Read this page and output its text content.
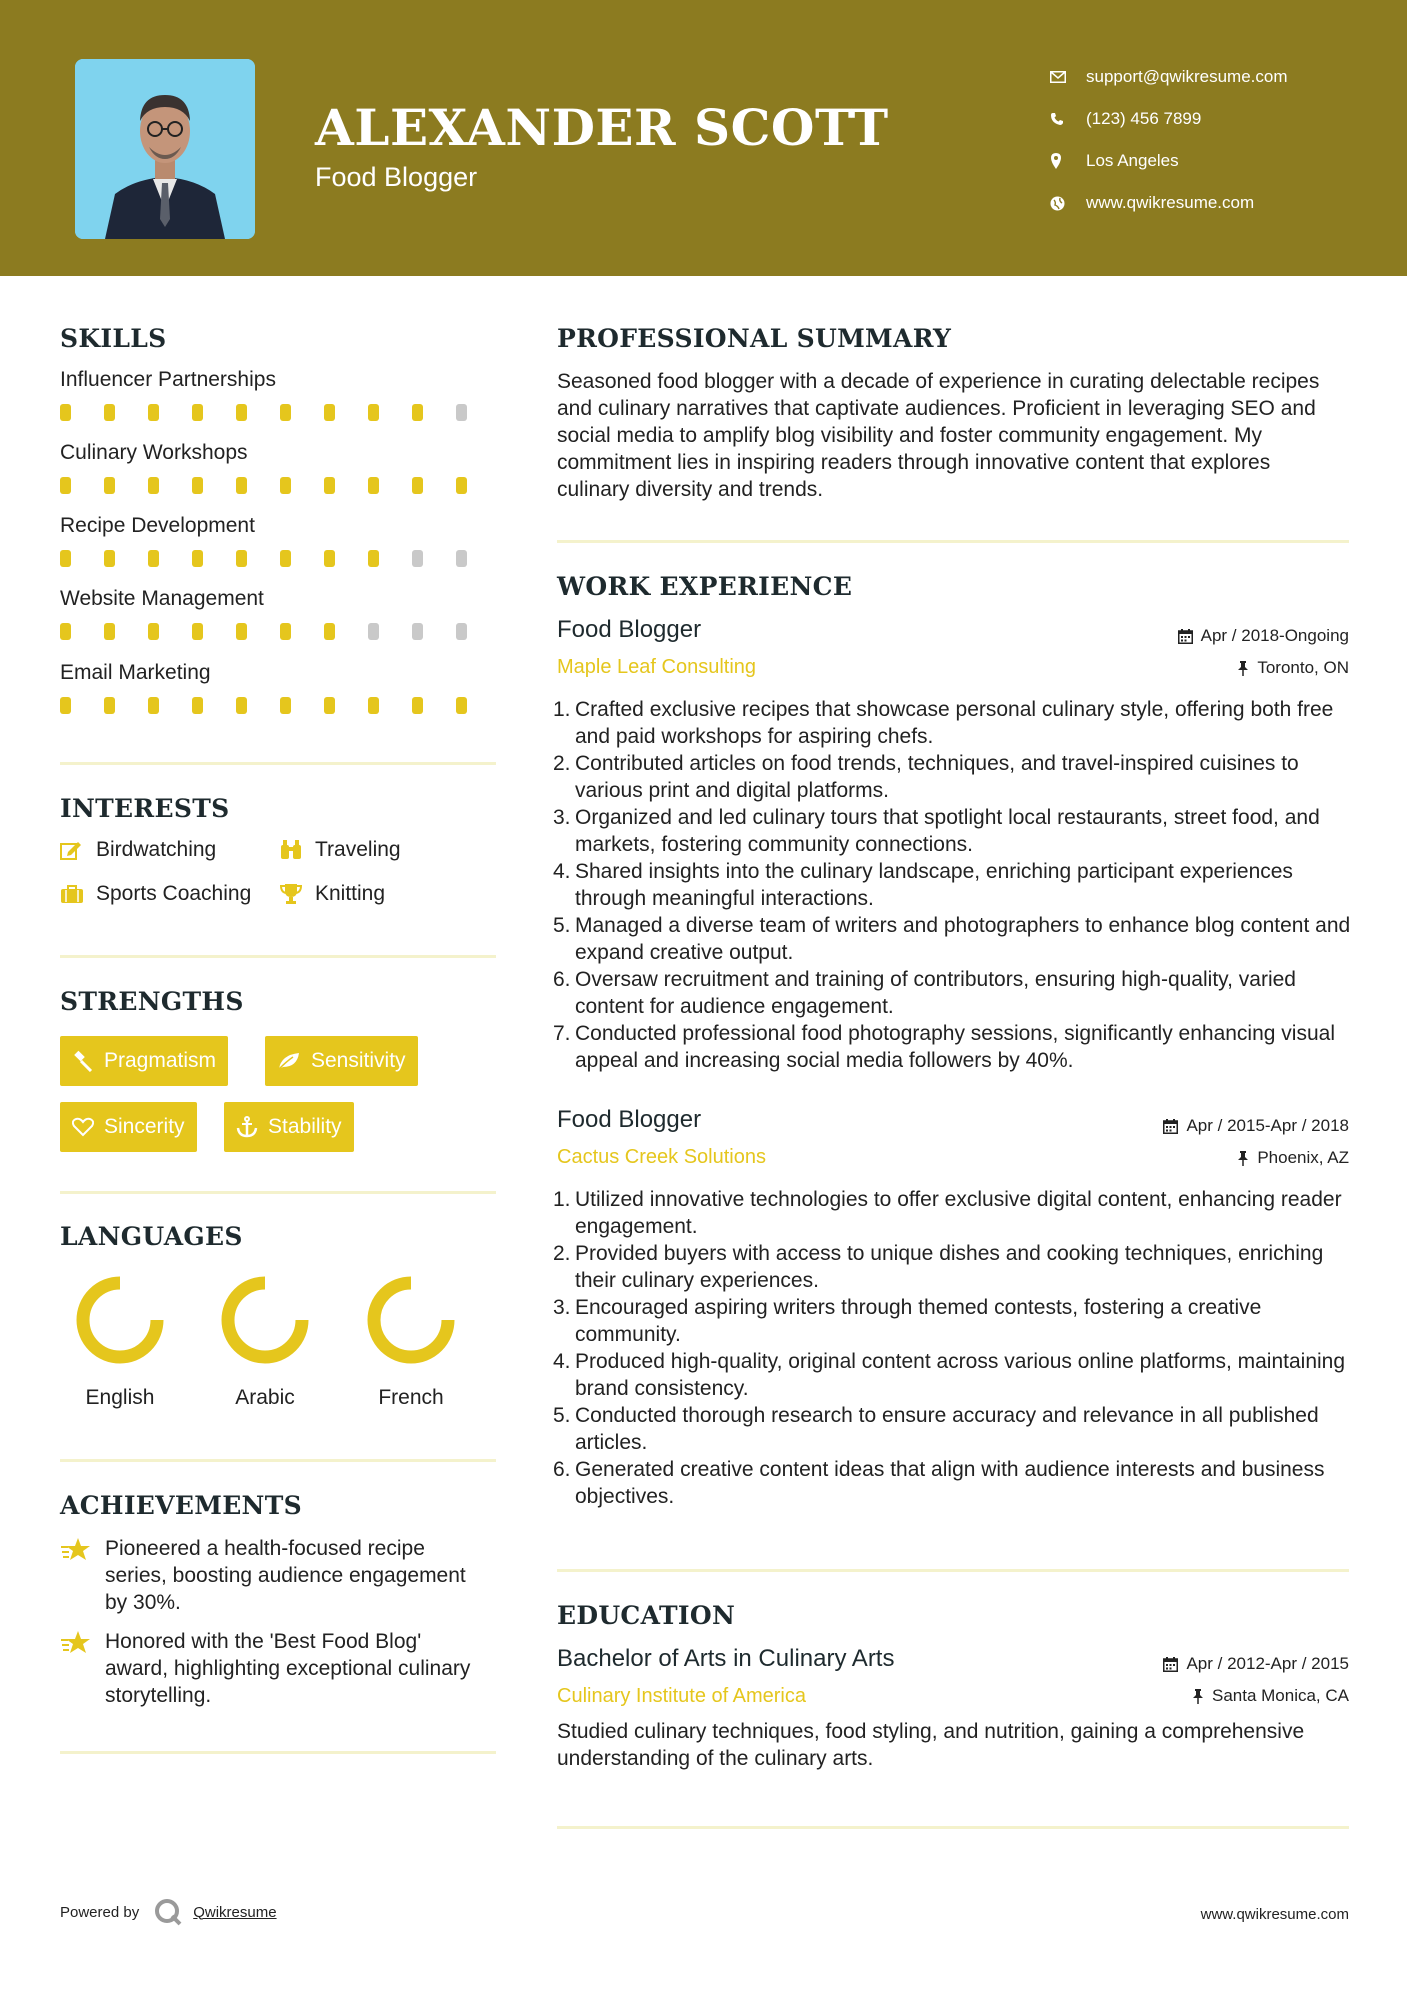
ALEXANDER SCOTT
Food Blogger
support@qwikresume.com
(123) 456 7899
Los Angeles
www.qwikresume.com
SKILLS
Influencer Partnerships
Culinary Workshops
Recipe Development
Website Management
Email Marketing
INTERESTS
Birdwatching	Traveling
Sports Coaching	Knitting
STRENGTHS
Pragmatism	Sensitivity
Sincerity	Stability
LANGUAGES
English	Arabic	French
ACHIEVEMENTS
Pioneered a health-focused recipe series, boosting audience engagement by 30%.
Honored with the 'Best Food Blog' award, highlighting exceptional culinary storytelling.
PROFESSIONAL SUMMARY
Seasoned food blogger with a decade of experience in curating delectable recipes and culinary narratives that captivate audiences. Proficient in leveraging SEO and social media to amplify blog visibility and foster community engagement. My commitment lies in inspiring readers through innovative content that explores culinary diversity and trends.
WORK EXPERIENCE
Food Blogger	Apr / 2018-Ongoing
Maple Leaf Consulting	Toronto, ON
1. Crafted exclusive recipes that showcase personal culinary style, offering both free and paid workshops for aspiring chefs.
2. Contributed articles on food trends, techniques, and travel-inspired cuisines to various print and digital platforms.
3. Organized and led culinary tours that spotlight local restaurants, street food, and markets, fostering community connections.
4. Shared insights into the culinary landscape, enriching participant experiences through meaningful interactions.
5. Managed a diverse team of writers and photographers to enhance blog content and expand creative output.
6. Oversaw recruitment and training of contributors, ensuring high-quality, varied content for audience engagement.
7. Conducted professional food photography sessions, significantly enhancing visual appeal and increasing social media followers by 40%.
Food Blogger	Apr / 2015-Apr / 2018
Cactus Creek Solutions	Phoenix, AZ
1. Utilized innovative technologies to offer exclusive digital content, enhancing reader engagement.
2. Provided buyers with access to unique dishes and cooking techniques, enriching their culinary experiences.
3. Encouraged aspiring writers through themed contests, fostering a creative community.
4. Produced high-quality, original content across various online platforms, maintaining brand consistency.
5. Conducted thorough research to ensure accuracy and relevance in all published articles.
6. Generated creative content ideas that align with audience interests and business objectives.
EDUCATION
Bachelor of Arts in Culinary Arts	Apr / 2012-Apr / 2015
Culinary Institute of America	Santa Monica, CA
Studied culinary techniques, food styling, and nutrition, gaining a comprehensive understanding of the culinary arts.
Powered by	Qwikresume	www.qwikresume.com
